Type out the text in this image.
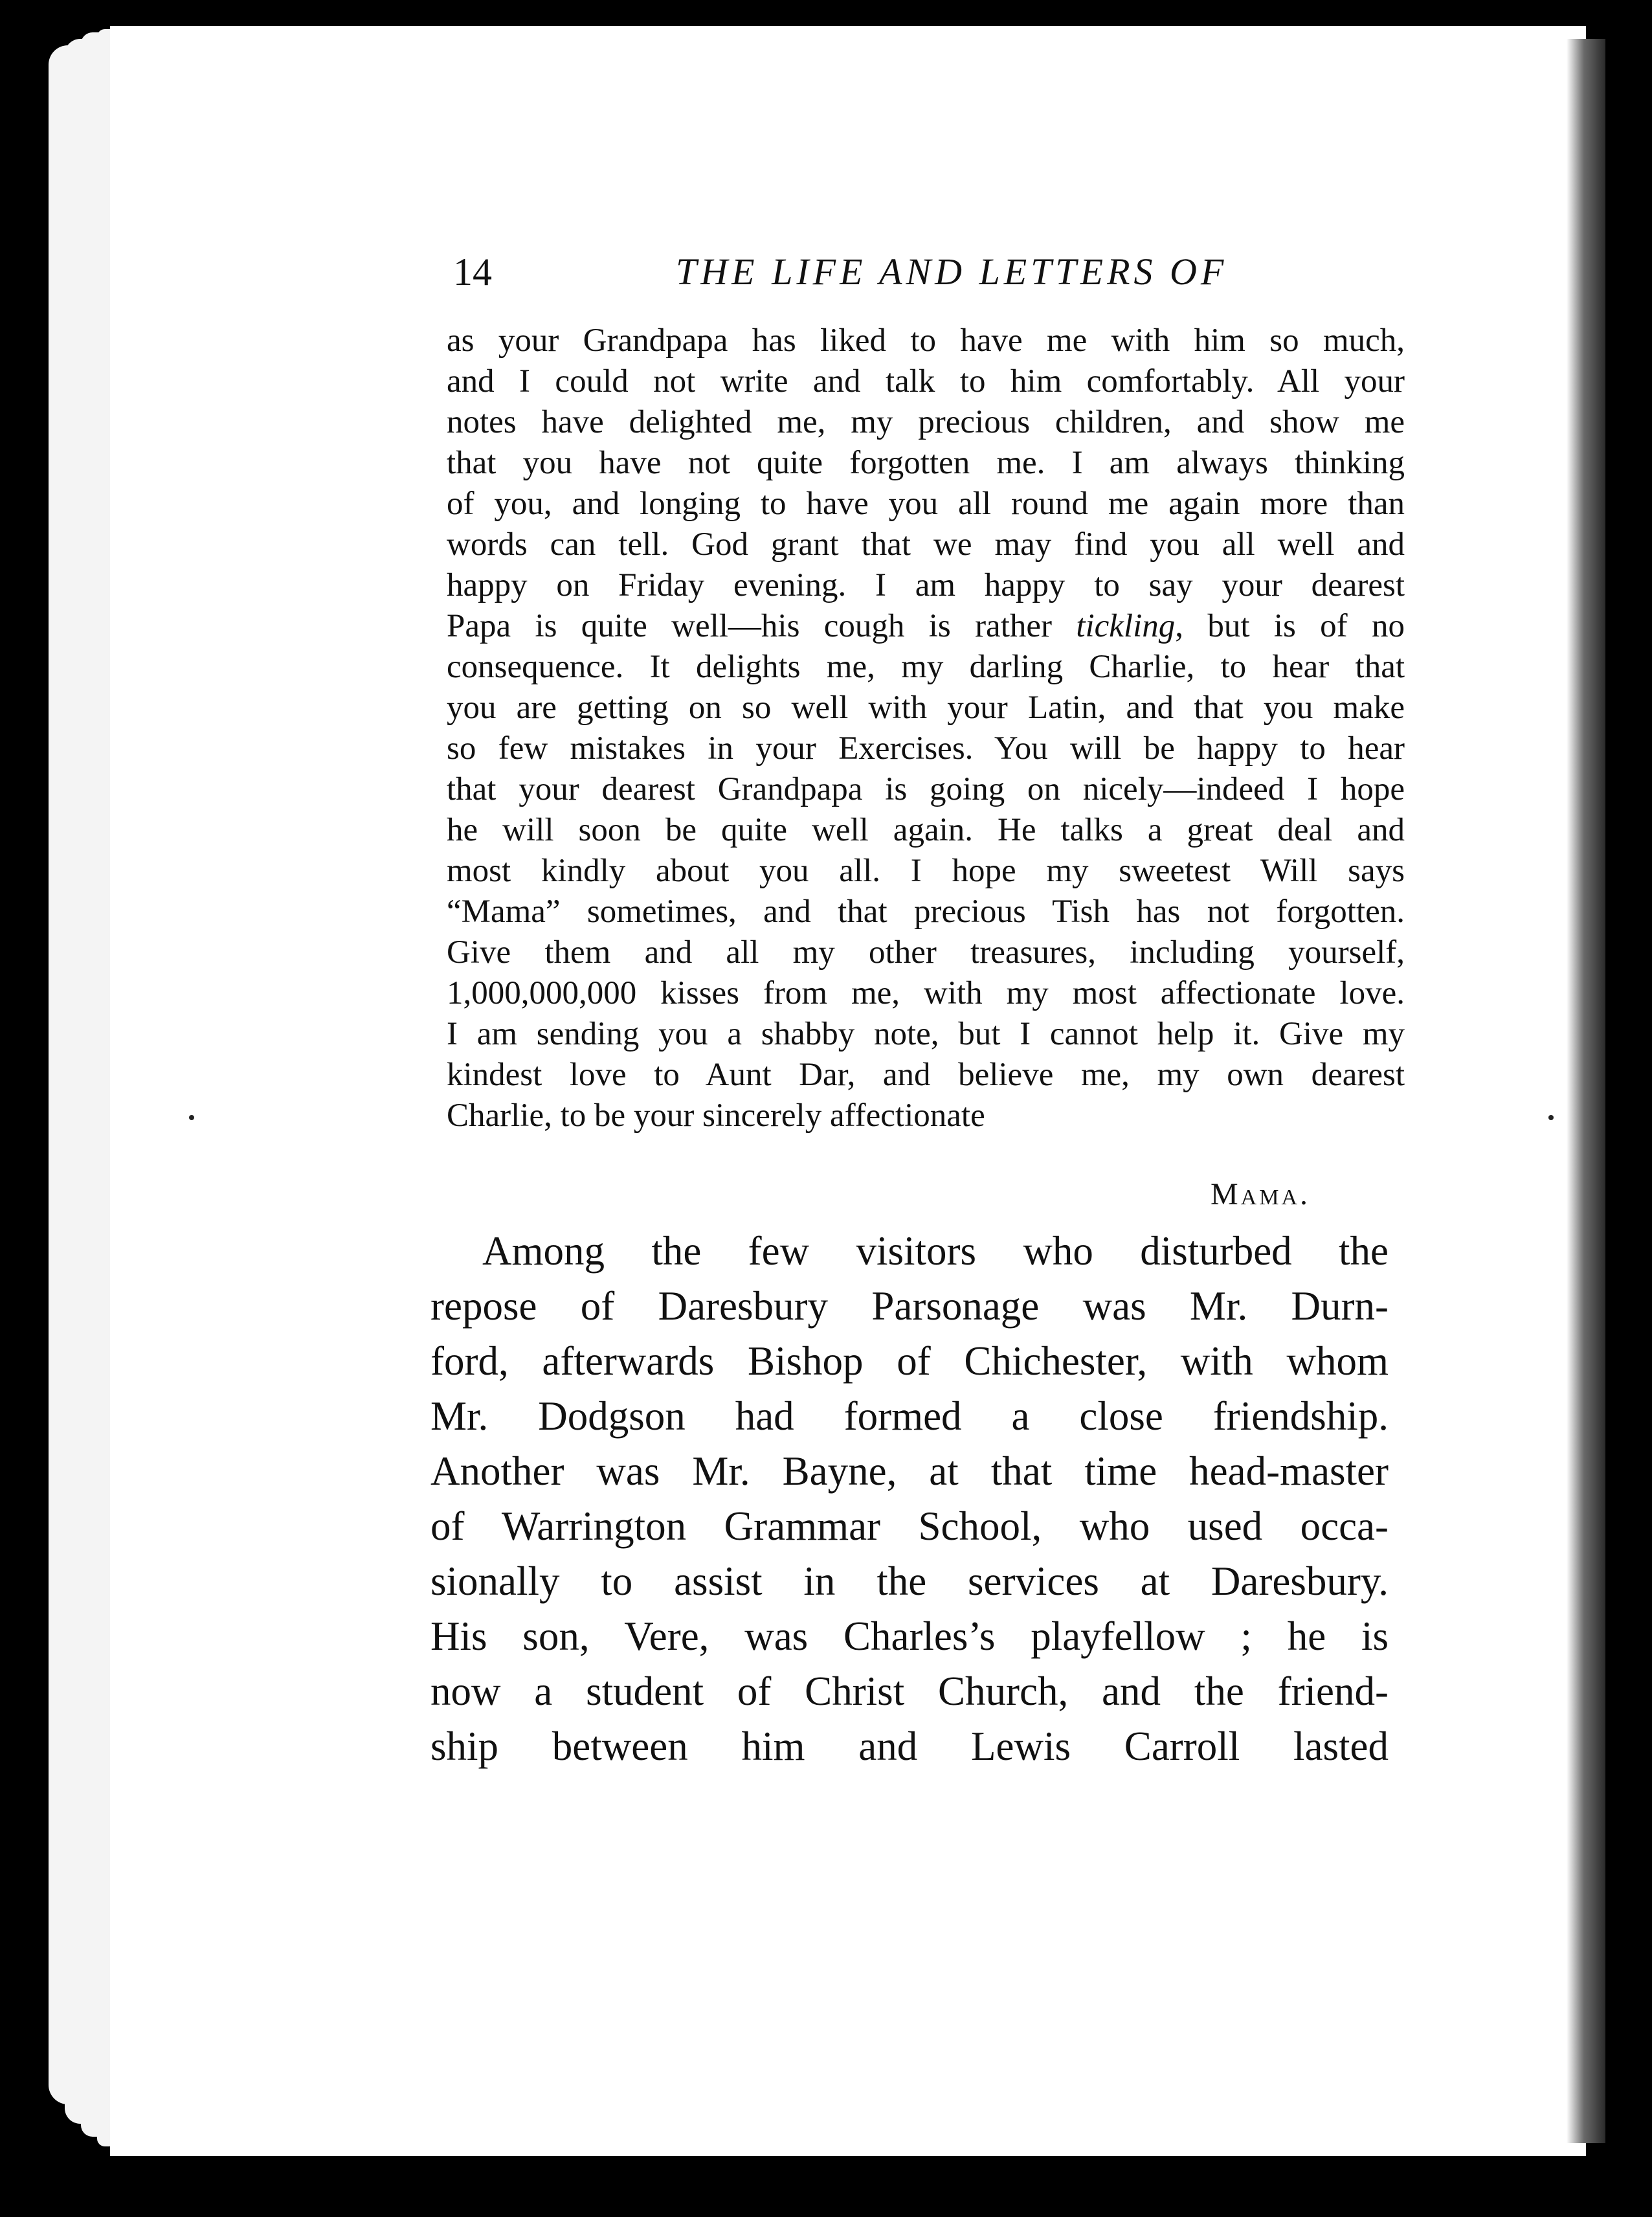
14	THE LIFE AND LETTERS OF
as your Grandpapa has liked to have me with him so much,
and I could not write and talk to him comfortably. All your
notes have delighted me, my precious children, and show me
that you have not quite forgotten me. I am always thinking
of you, and longing to have you all round me again more than
words can tell. God grant that we may find you all well and
happy on Friday evening. I am happy to say your dearest
Papa is quite well—his cough is rather tickling, but is of no
consequence. It delights me, my darling Charlie, to hear that
you are getting on so well with your Latin, and that you make
so few mistakes in your Exercises. You will be happy to hear
that your dearest Grandpapa is going on nicely—indeed I hope
he will soon be quite well again. He talks a great deal and
most kindly about you all. I hope my sweetest Will says
“Mama” sometimes, and that precious Tish has not forgotten.
Give them and all my other treasures, including yourself,
1,000,000,000 kisses from me, with my most affectionate love.
I am sending you a shabby note, but I cannot help it. Give my
kindest love to Aunt Dar, and believe me, my own dearest
Charlie, to be your sincerely affectionate
Mama.
Among the few visitors who disturbed the
repose of Daresbury Parsonage was Mr. Durn-
ford, afterwards Bishop of Chichester, with whom
Mr. Dodgson had formed a close friendship.
Another was Mr. Bayne, at that time head-master
of Warrington Grammar School, who used occa-
sionally to assist in the services at Daresbury.
His son, Vere, was Charles’s playfellow ; he is
now a student of Christ Church, and the friend-
ship between him and Lewis Carroll lasted
